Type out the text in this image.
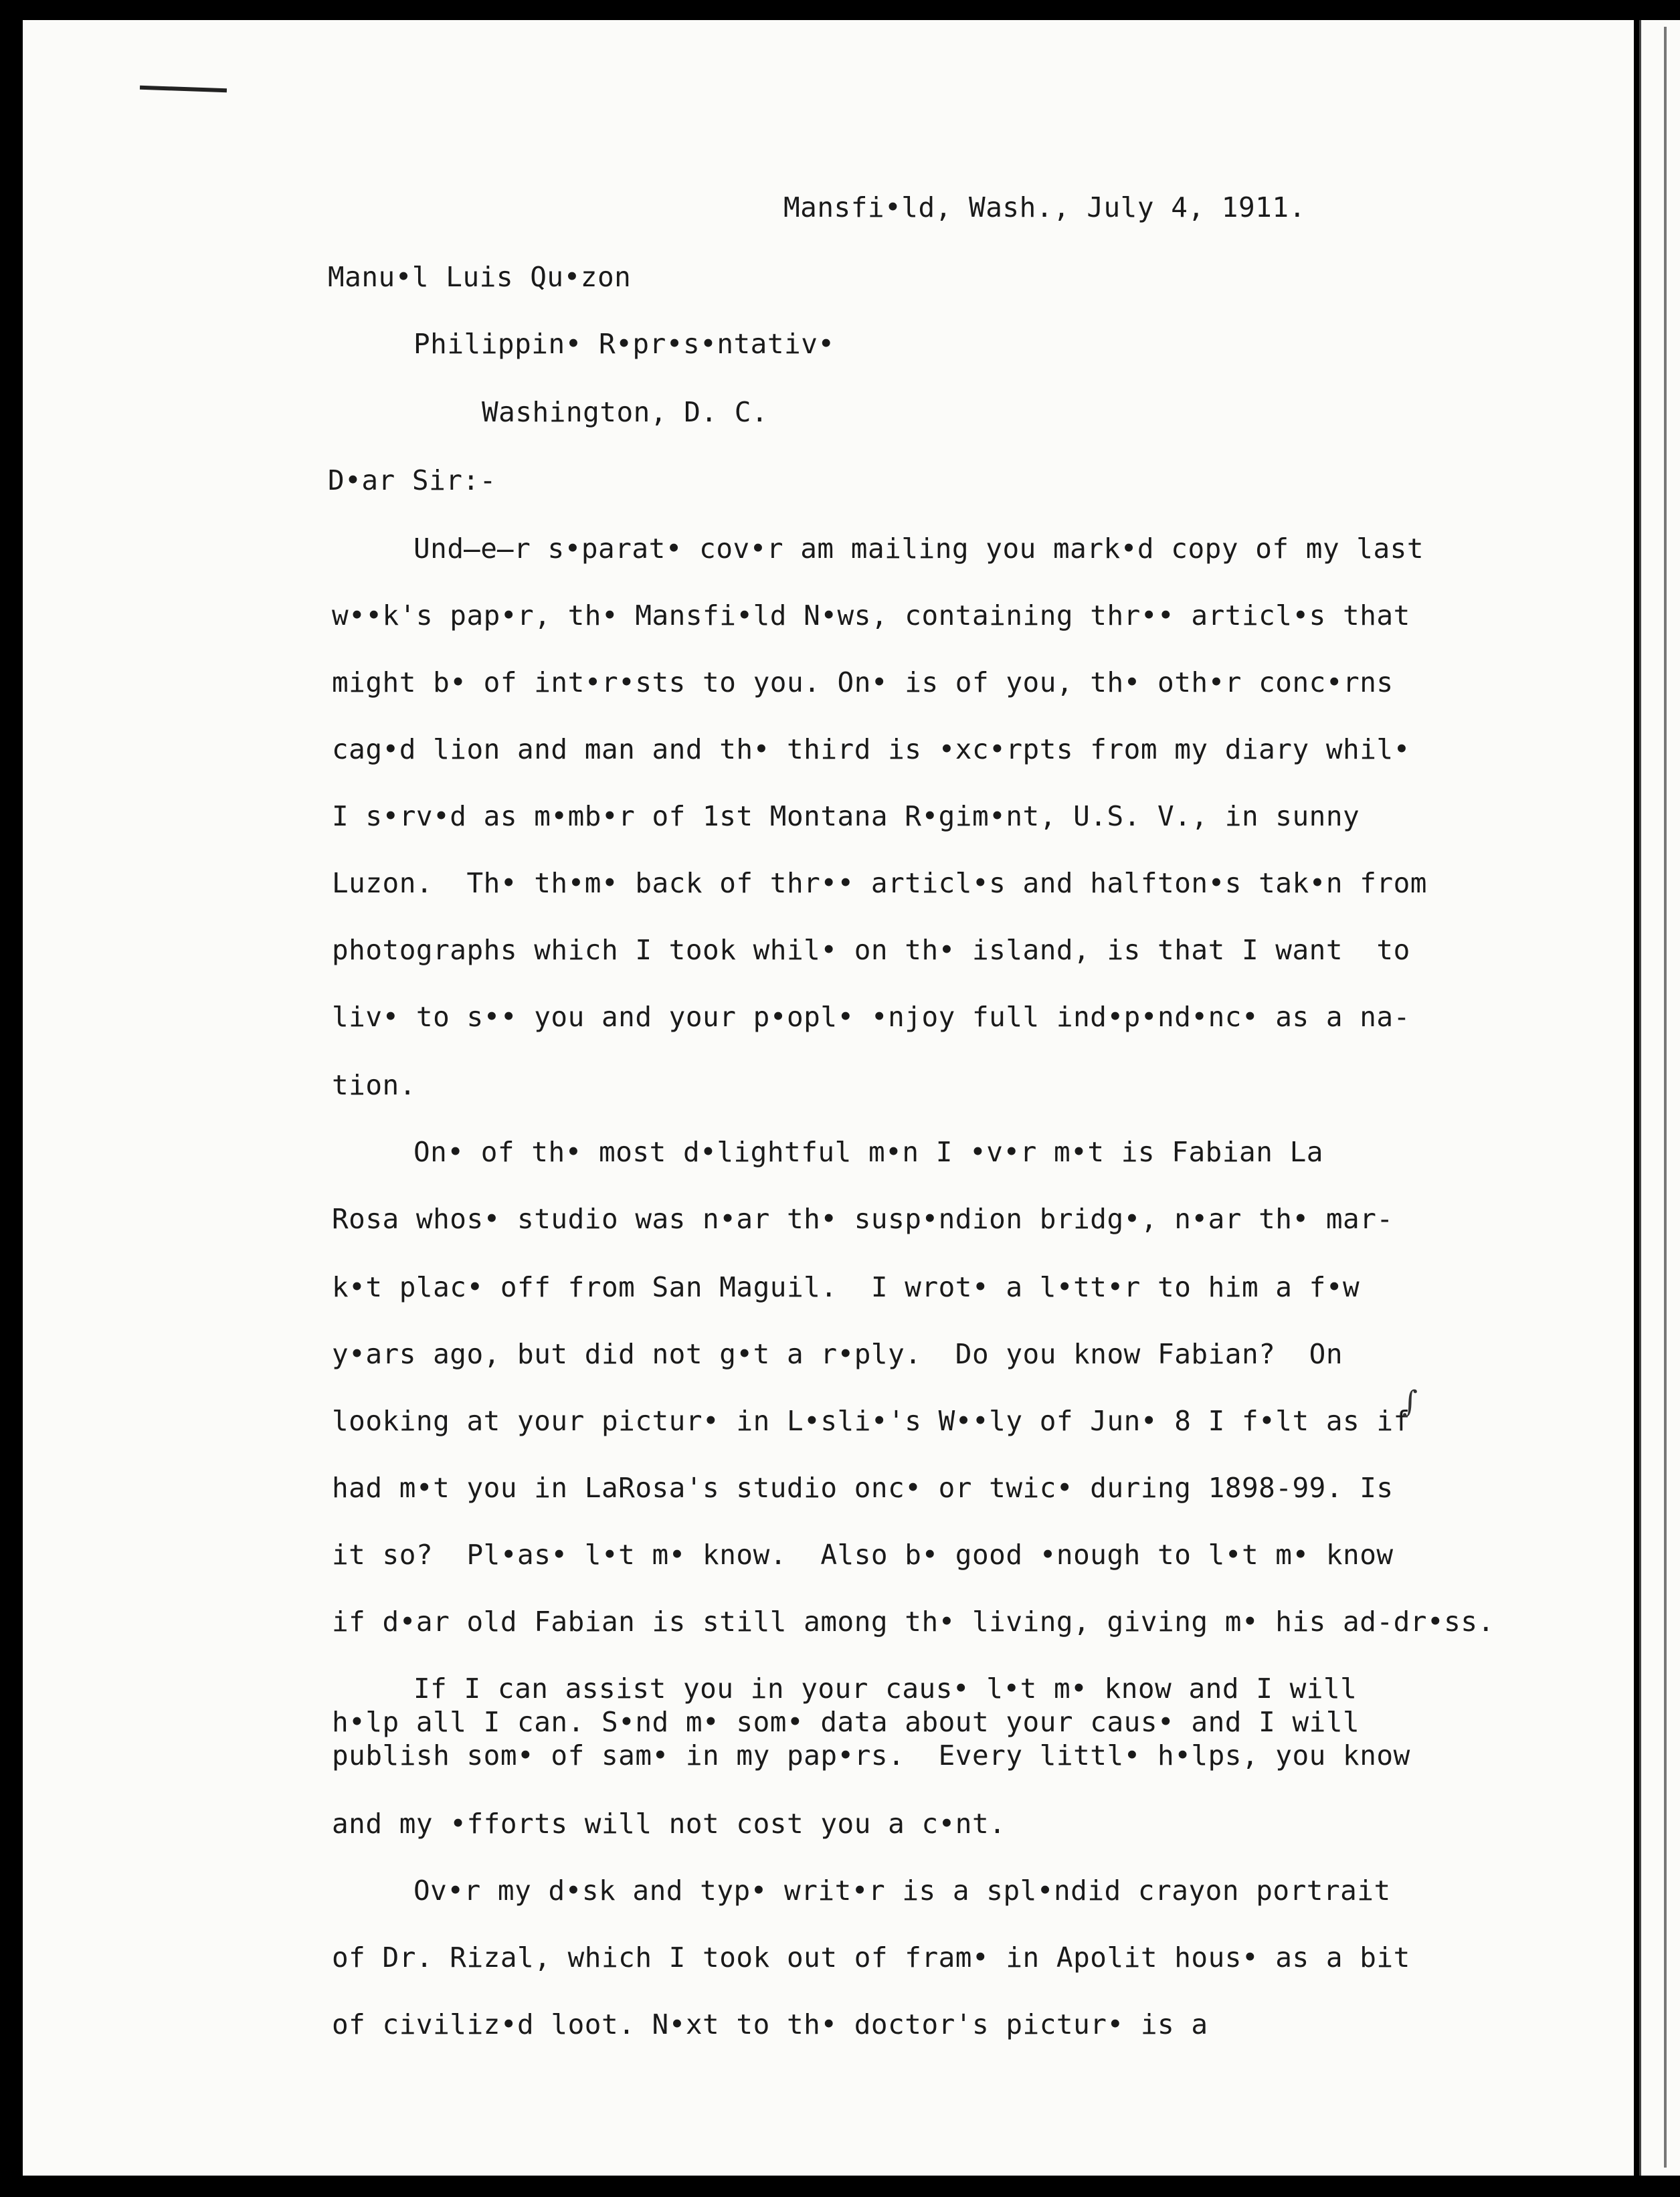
Mansfi•ld, Wash., July 4, 1911.
Manu•l Luis Qu•zon
Philippin• R•pr•s•ntativ•
Washington, D. C.
D•ar Sir:-
Und̶e̶r s•parat• cov•r am mailing you mark•d copy of my last
w••k's pap•r, th• Mansfi•ld N•ws, containing thr•• articl•s that
might b• of int•r•sts to you. On• is of you, th• oth•r conc•rns
cag•d lion and man and th• third is •xc•rpts from my diary whil•
I s•rv•d as m•mb•r of 1st Montana R•gim•nt, U.S. V., in sunny
Luzon.  Th• th•m• back of thr•• articl•s and halfton•s tak•n from
photographs which I took whil• on th• island, is that I want  to
liv• to s•• you and your p•opl• •njoy full ind•p•nd•nc• as a na-
tion.
On• of th• most d•lightful m•n I •v•r m•t is Fabian La
Rosa whos• studio was n•ar th• susp•ndion bridg•, n•ar th• mar-
k•t plac• off from San Maguil.  I wrot• a l•tt•r to him a f•w
y•ars ago, but did not g•t a r•ply.  Do you know Fabian?  On
looking at your pictur• in L•sli•'s W••ly of Jun• 8 I f•lt as if
∫
had m•t you in LaRosa's studio onc• or twic• during 1898-99. Is
it so?  Pl•as• l•t m• know.  Also b• good •nough to l•t m• know
if d•ar old Fabian is still among th• living, giving m• his ad-dr•ss.
If I can assist you in your caus• l•t m• know and I will
h•lp all I can. S•nd m• som• data about your caus• and I will
publish som• of sam• in my pap•rs.  Every littl• h•lps, you know
and my •fforts will not cost you a c•nt.
Ov•r my d•sk and typ• writ•r is a spl•ndid crayon portrait
of Dr. Rizal, which I took out of fram• in Apolit hous• as a bit
of civiliz•d loot. N•xt to th• doctor's pictur• is a
